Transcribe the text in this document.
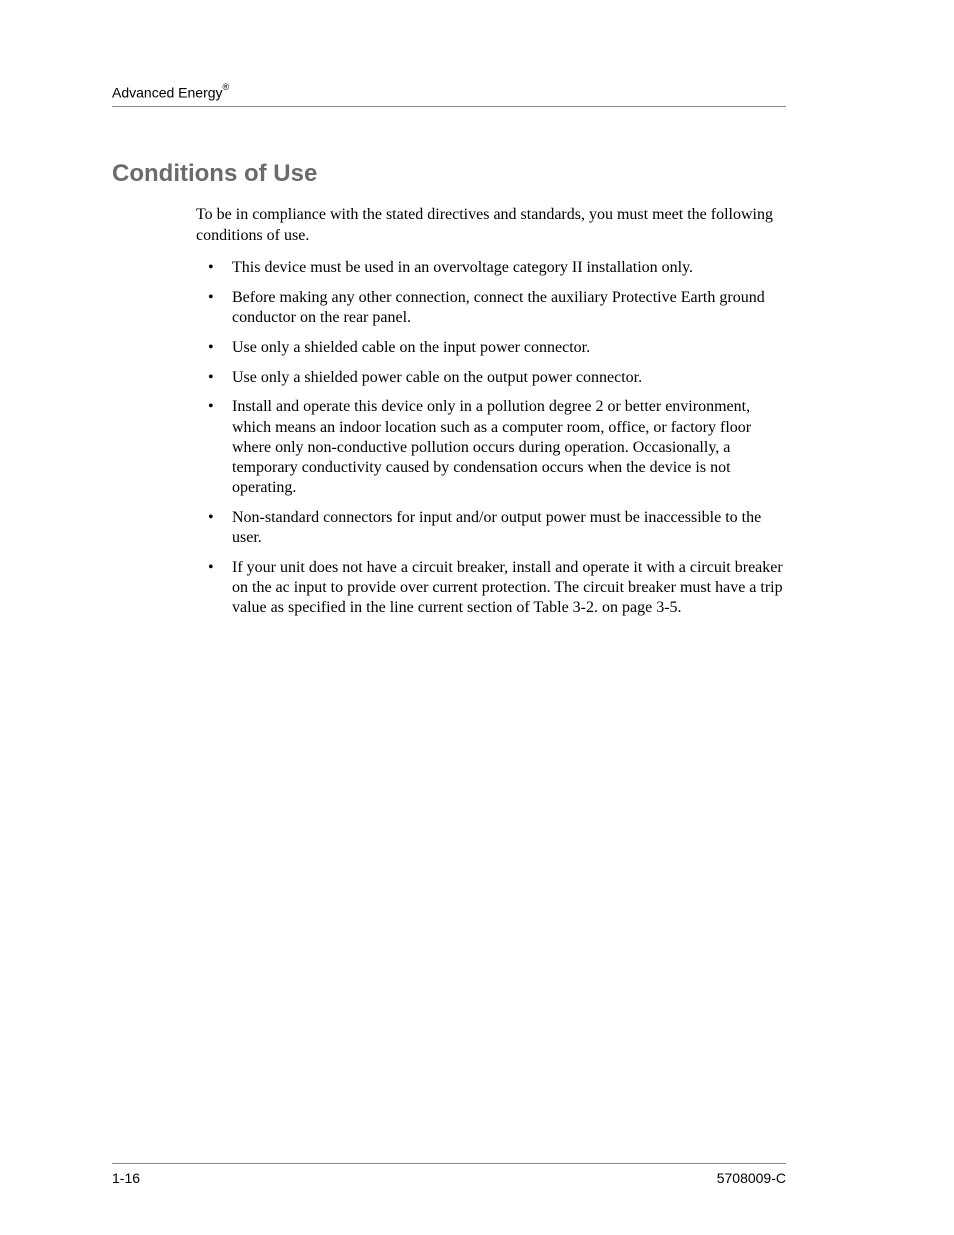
Advanced Energy®
Conditions of Use

To be in compliance with the stated directives and standards, you must meet the following conditions of use.

• This device must be used in an overvoltage category II installation only.
• Before making any other connection, connect the auxiliary Protective Earth ground conductor on the rear panel.
• Use only a shielded cable on the input power connector.
• Use only a shielded power cable on the output power connector.
• Install and operate this device only in a pollution degree 2 or better environment, which means an indoor location such as a computer room, office, or factory floor where only non-conductive pollution occurs during operation. Occasionally, a temporary conductivity caused by condensation occurs when the device is not operating.
• Non-standard connectors for input and/or output power must be inaccessible to the user.
• If your unit does not have a circuit breaker, install and operate it with a circuit breaker on the ac input to provide over current protection. The circuit breaker must have a trip value as specified in the line current section of Table 3-2. on page 3-5.
1-16	5708009-C
